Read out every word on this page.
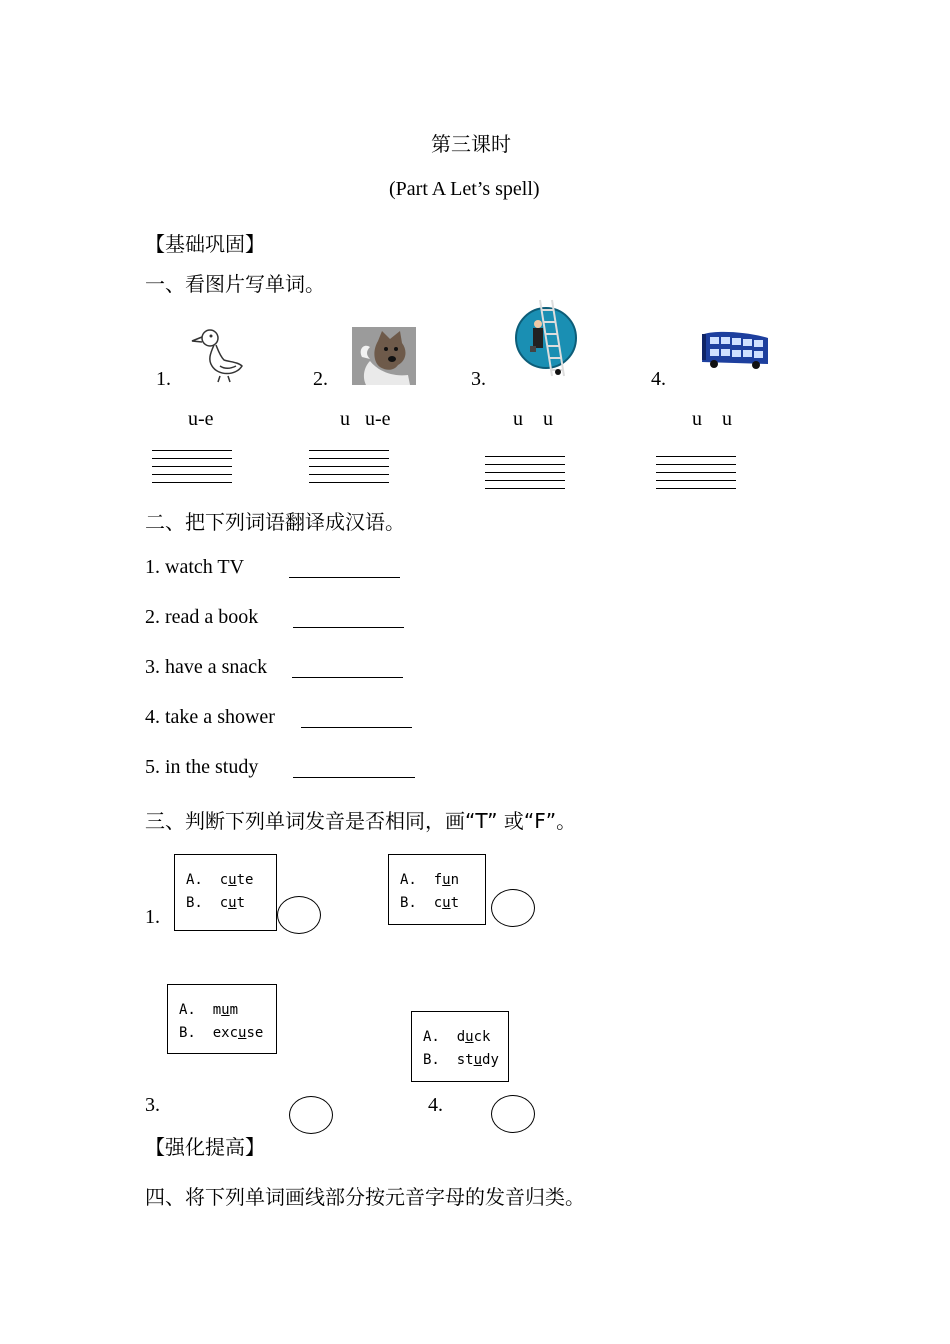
第三课时
(Part A Let’s spell)
【基础巩固】
一、看图片写单词。
1.
u-e
2.
u   u-e
3.
u    u
4.
u    u
二、把下列词语翻译成汉语。
1. watch TV
2. read a book
3. have a snack
4. take a shower
5. in the study
三、判断下列单词发音是否相同，画“T” 或“F”。
1.
A. cute
B. cut
A. fun
B. cut
A. mum
B. excuse	A. duck
B. study
3.	4.
【强化提高】
四、将下列单词画线部分按元音字母的发音归类。
